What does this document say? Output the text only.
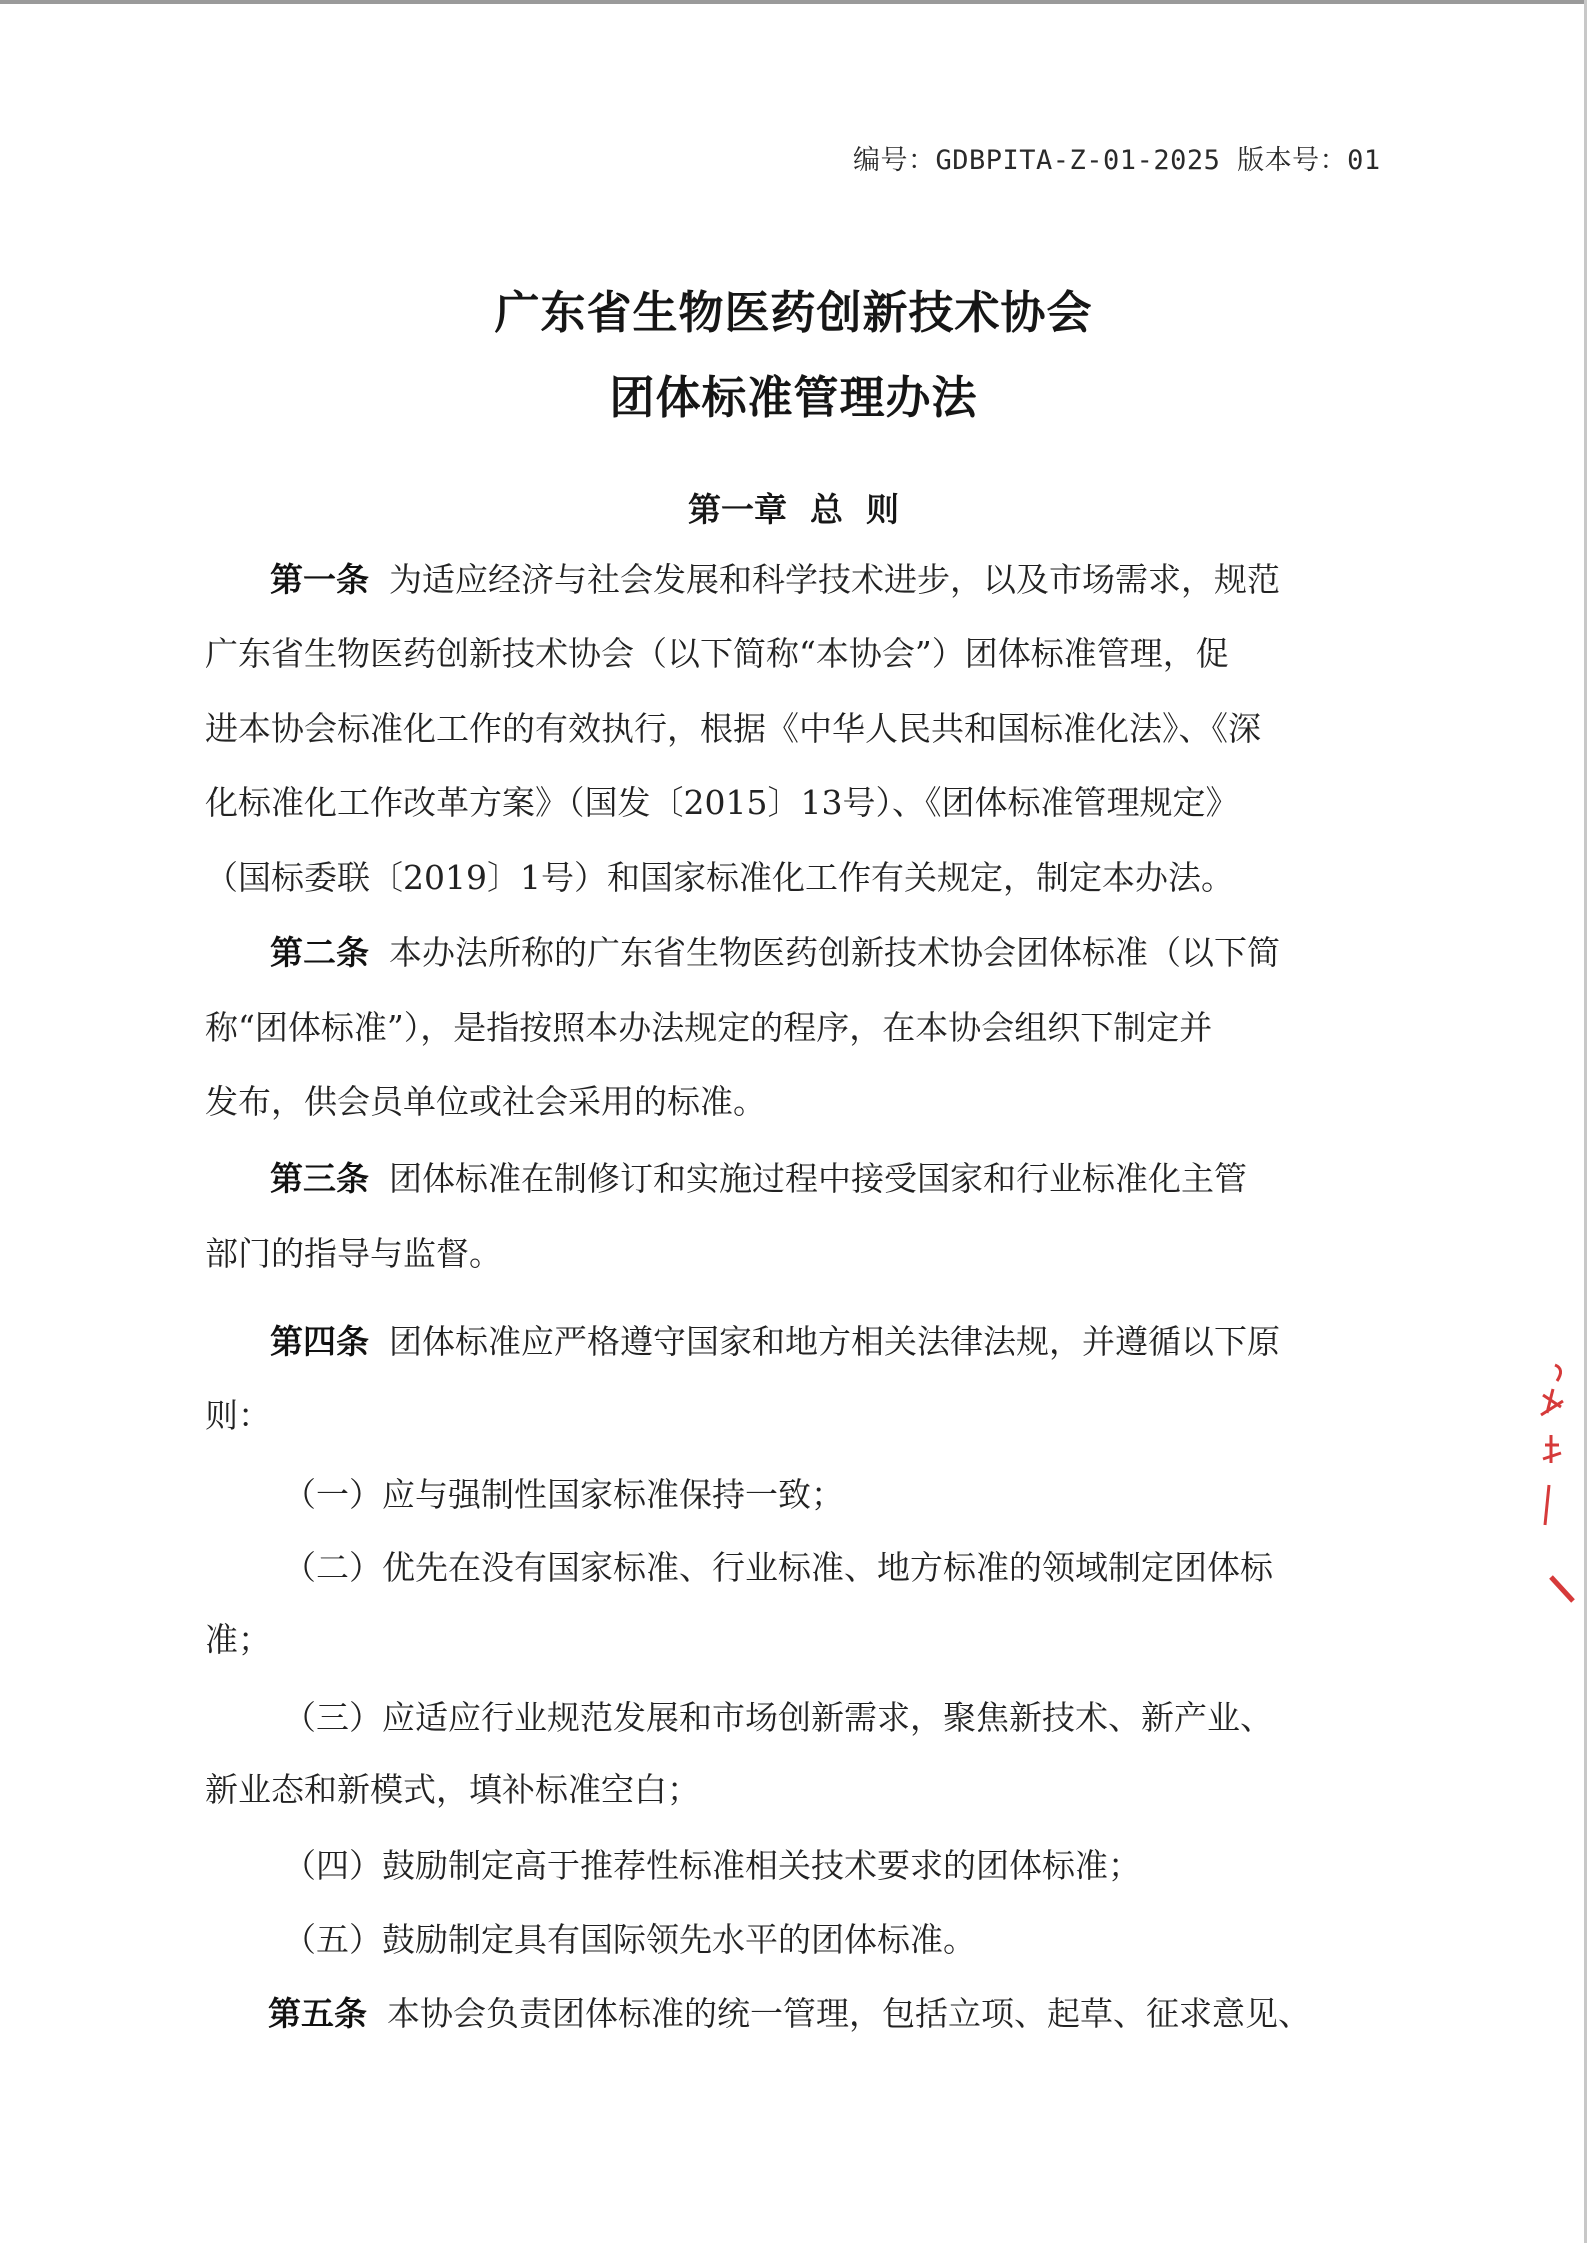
编号：GDBPITA-Z-01-2025 版本号：01
广东省生物医药创新技术协会
团体标准管理办法
第一章  总  则
第一条 为适应经济与社会发展和科学技术进步，以及市场需求，规范
广东省生物医药创新技术协会（以下简称“本协会”）团体标准管理，促
进本协会标准化工作的有效执行，根据《中华人民共和国标准化法》、《深
化标准化工作改革方案》（国发〔2015〕13号）、《团体标准管理规定》
（国标委联〔2019〕1号）和国家标准化工作有关规定，制定本办法。
第二条 本办法所称的广东省生物医药创新技术协会团体标准（以下简
称“团体标准”），是指按照本办法规定的程序，在本协会组织下制定并
发布，供会员单位或社会采用的标准。
第三条 团体标准在制修订和实施过程中接受国家和行业标准化主管
部门的指导与监督。
第四条 团体标准应严格遵守国家和地方相关法律法规，并遵循以下原
则：
（一）应与强制性国家标准保持一致；
（二）优先在没有国家标准、行业标准、地方标准的领域制定团体标
准；
（三）应适应行业规范发展和市场创新需求，聚焦新技术、新产业、
新业态和新模式，填补标准空白；
（四）鼓励制定高于推荐性标准相关技术要求的团体标准；
（五）鼓励制定具有国际领先水平的团体标准。
第五条 本协会负责团体标准的统一管理，包括立项、起草、征求意见、
